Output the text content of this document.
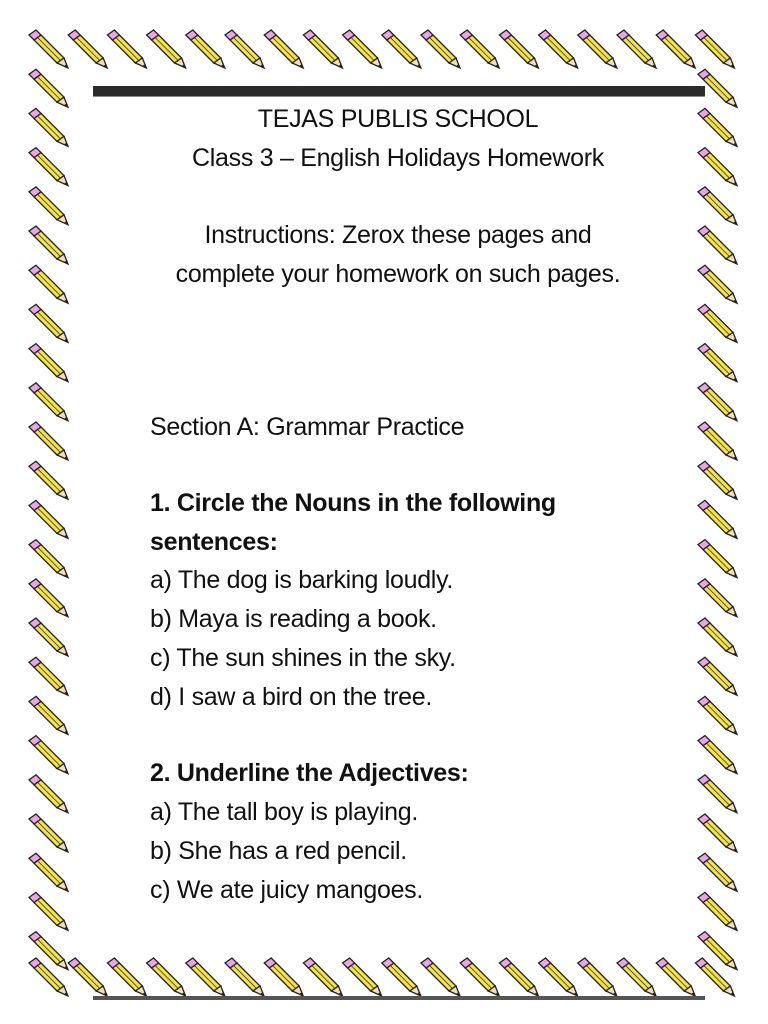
TEJAS PUBLIS SCHOOL
Class 3 – English Holidays Homework
Instructions: Zerox these pages and
complete your homework on such pages.
Section A: Grammar Practice
1. Circle the Nouns in the following
sentences:
a) The dog is barking loudly.
b) Maya is reading a book.
c) The sun shines in the sky.
d) I saw a bird on the tree.
2. Underline the Adjectives:
a) The tall boy is playing.
b) She has a red pencil.
c) We ate juicy mangoes.
